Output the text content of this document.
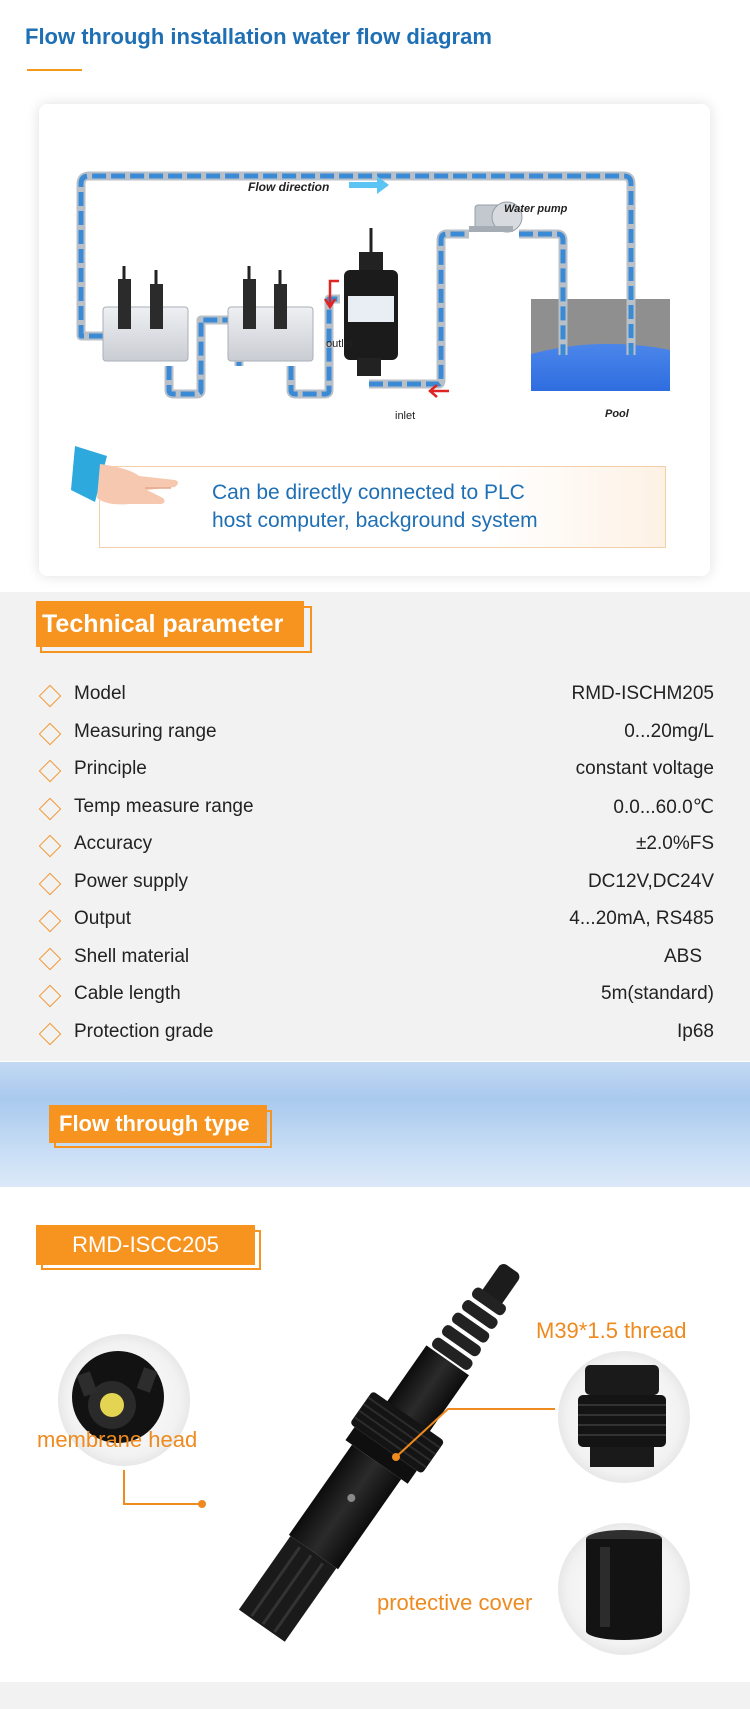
Flow through installation water flow diagram
Flow direction
Water pump
outlet
inlet	Pool
Can be directly connected to PLC
host computer, background system
Technical parameter
Model	RMD-ISCHM205
Measuring range	0...20mg/L
Principle	constant voltage
Temp measure range	0.0...60.0℃
Accuracy	±2.0%FS
Power supply	DC12V,DC24V
Output	4...20mA, RS485
Shell material	ABS
Cable length	5m(standard)
Protection grade	Ip68
Flow through type
RMD-ISCC205
M39*1.5 thread
membrane head
protective cover
